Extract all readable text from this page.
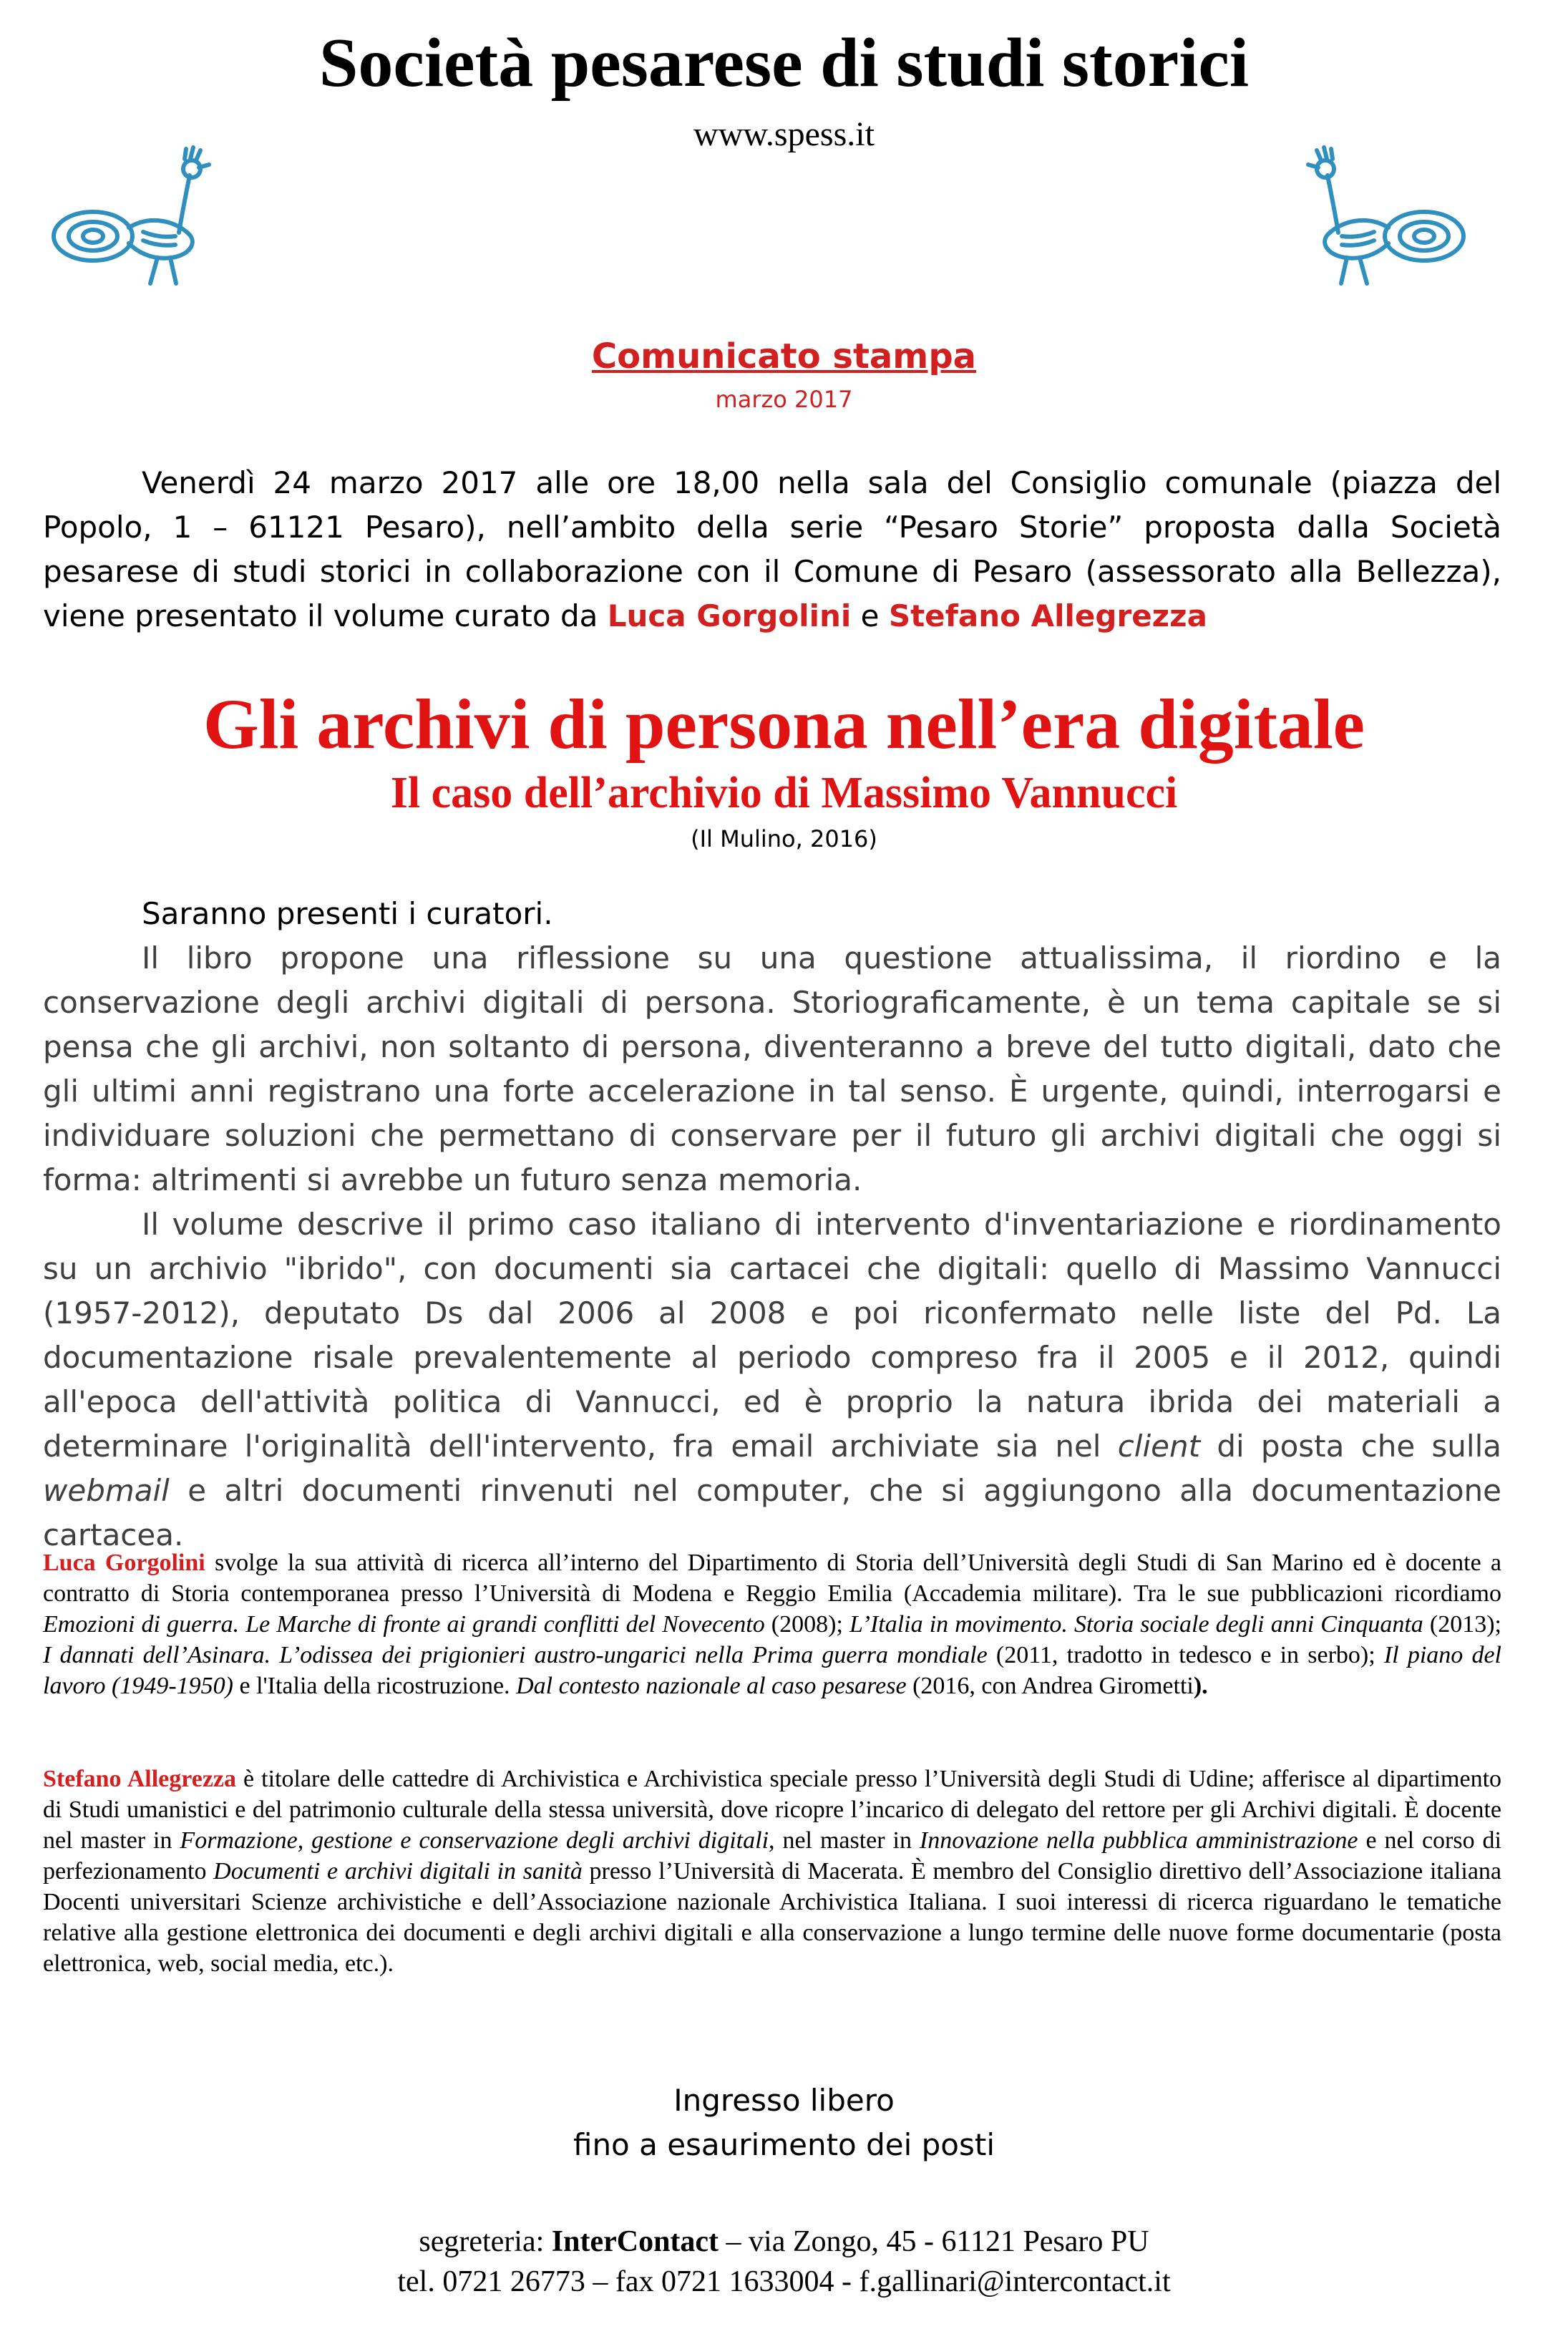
Società pesarese di studi storici
www.spess.it
Comunicato stampa
marzo 2017

Venerdì 24 marzo 2017 alle ore 18,00 nella sala del Consiglio comunale (piazza del Popolo, 1 – 61121 Pesaro), nell’ambito della serie “Pesaro Storie” proposta dalla Società pesarese di studi storici in collaborazione con il Comune di Pesaro (assessorato alla Bellezza), viene presentato il volume curato da Luca Gorgolini e Stefano Allegrezza

Gli archivi di persona nell’era digitale
Il caso dell’archivio di Massimo Vannucci
(Il Mulino, 2016)

Saranno presenti i curatori.

Il libro propone una riflessione su una questione attualissima, il riordino e la conservazione degli archivi digitali di persona. Storiograficamente, è un tema capitale se si pensa che gli archivi, non soltanto di persona, diventeranno a breve del tutto digitali, dato che gli ultimi anni registrano una forte accelerazione in tal senso. È urgente, quindi, interrogarsi e individuare soluzioni che permettano di conservare per il futuro gli archivi digitali che oggi si forma: altrimenti si avrebbe un futuro senza memoria.

Il volume descrive il primo caso italiano di intervento d'inventariazione e riordinamento su un archivio "ibrido", con documenti sia cartacei che digitali: quello di Massimo Vannucci (1957-2012), deputato Ds dal 2006 al 2008 e poi riconfermato nelle liste del Pd. La documentazione risale prevalentemente al periodo compreso fra il 2005 e il 2012, quindi all'epoca dell'attività politica di Vannucci, ed è proprio la natura ibrida dei materiali a determinare l'originalità dell'intervento, fra email archiviate sia nel client di posta che sulla webmail e altri documenti rinvenuti nel computer, che si aggiungono alla documentazione cartacea.

Luca Gorgolini svolge la sua attività di ricerca all’interno del Dipartimento di Storia dell’Università degli Studi di San Marino ed è docente a contratto di Storia contemporanea presso l’Università di Modena e Reggio Emilia (Accademia militare). Tra le sue pubblicazioni ricordiamo Emozioni di guerra. Le Marche di fronte ai grandi conflitti del Novecento (2008); L’Italia in movimento. Storia sociale degli anni Cinquanta (2013); I dannati dell’Asinara. L’odissea dei prigionieri austro-ungarici nella Prima guerra mondiale (2011, tradotto in tedesco e in serbo); Il piano del lavoro (1949-1950) e l'Italia della ricostruzione. Dal contesto nazionale al caso pesarese (2016, con Andrea Girometti).

Stefano Allegrezza è titolare delle cattedre di Archivistica e Archivistica speciale presso l’Università degli Studi di Udine; afferisce al dipartimento di Studi umanistici e del patrimonio culturale della stessa università, dove ricopre l’incarico di delegato del rettore per gli Archivi digitali. È docente nel master in Formazione, gestione e conservazione degli archivi digitali, nel master in Innovazione nella pubblica amministrazione e nel corso di perfezionamento Documenti e archivi digitali in sanità presso l’Università di Macerata. È membro del Consiglio direttivo dell’Associazione italiana Docenti universitari Scienze archivistiche e dell’Associazione nazionale Archivistica Italiana. I suoi interessi di ricerca riguardano le tematiche relative alla gestione elettronica dei documenti e degli archivi digitali e alla conservazione a lungo termine delle nuove forme documentarie (posta elettronica, web, social media, etc.).

Ingresso libero
fino a esaurimento dei posti
segreteria: InterContact – via Zongo, 45 - 61121 Pesaro PU
tel. 0721 26773 – fax 0721 1633004 - f.gallinari@intercontact.it
